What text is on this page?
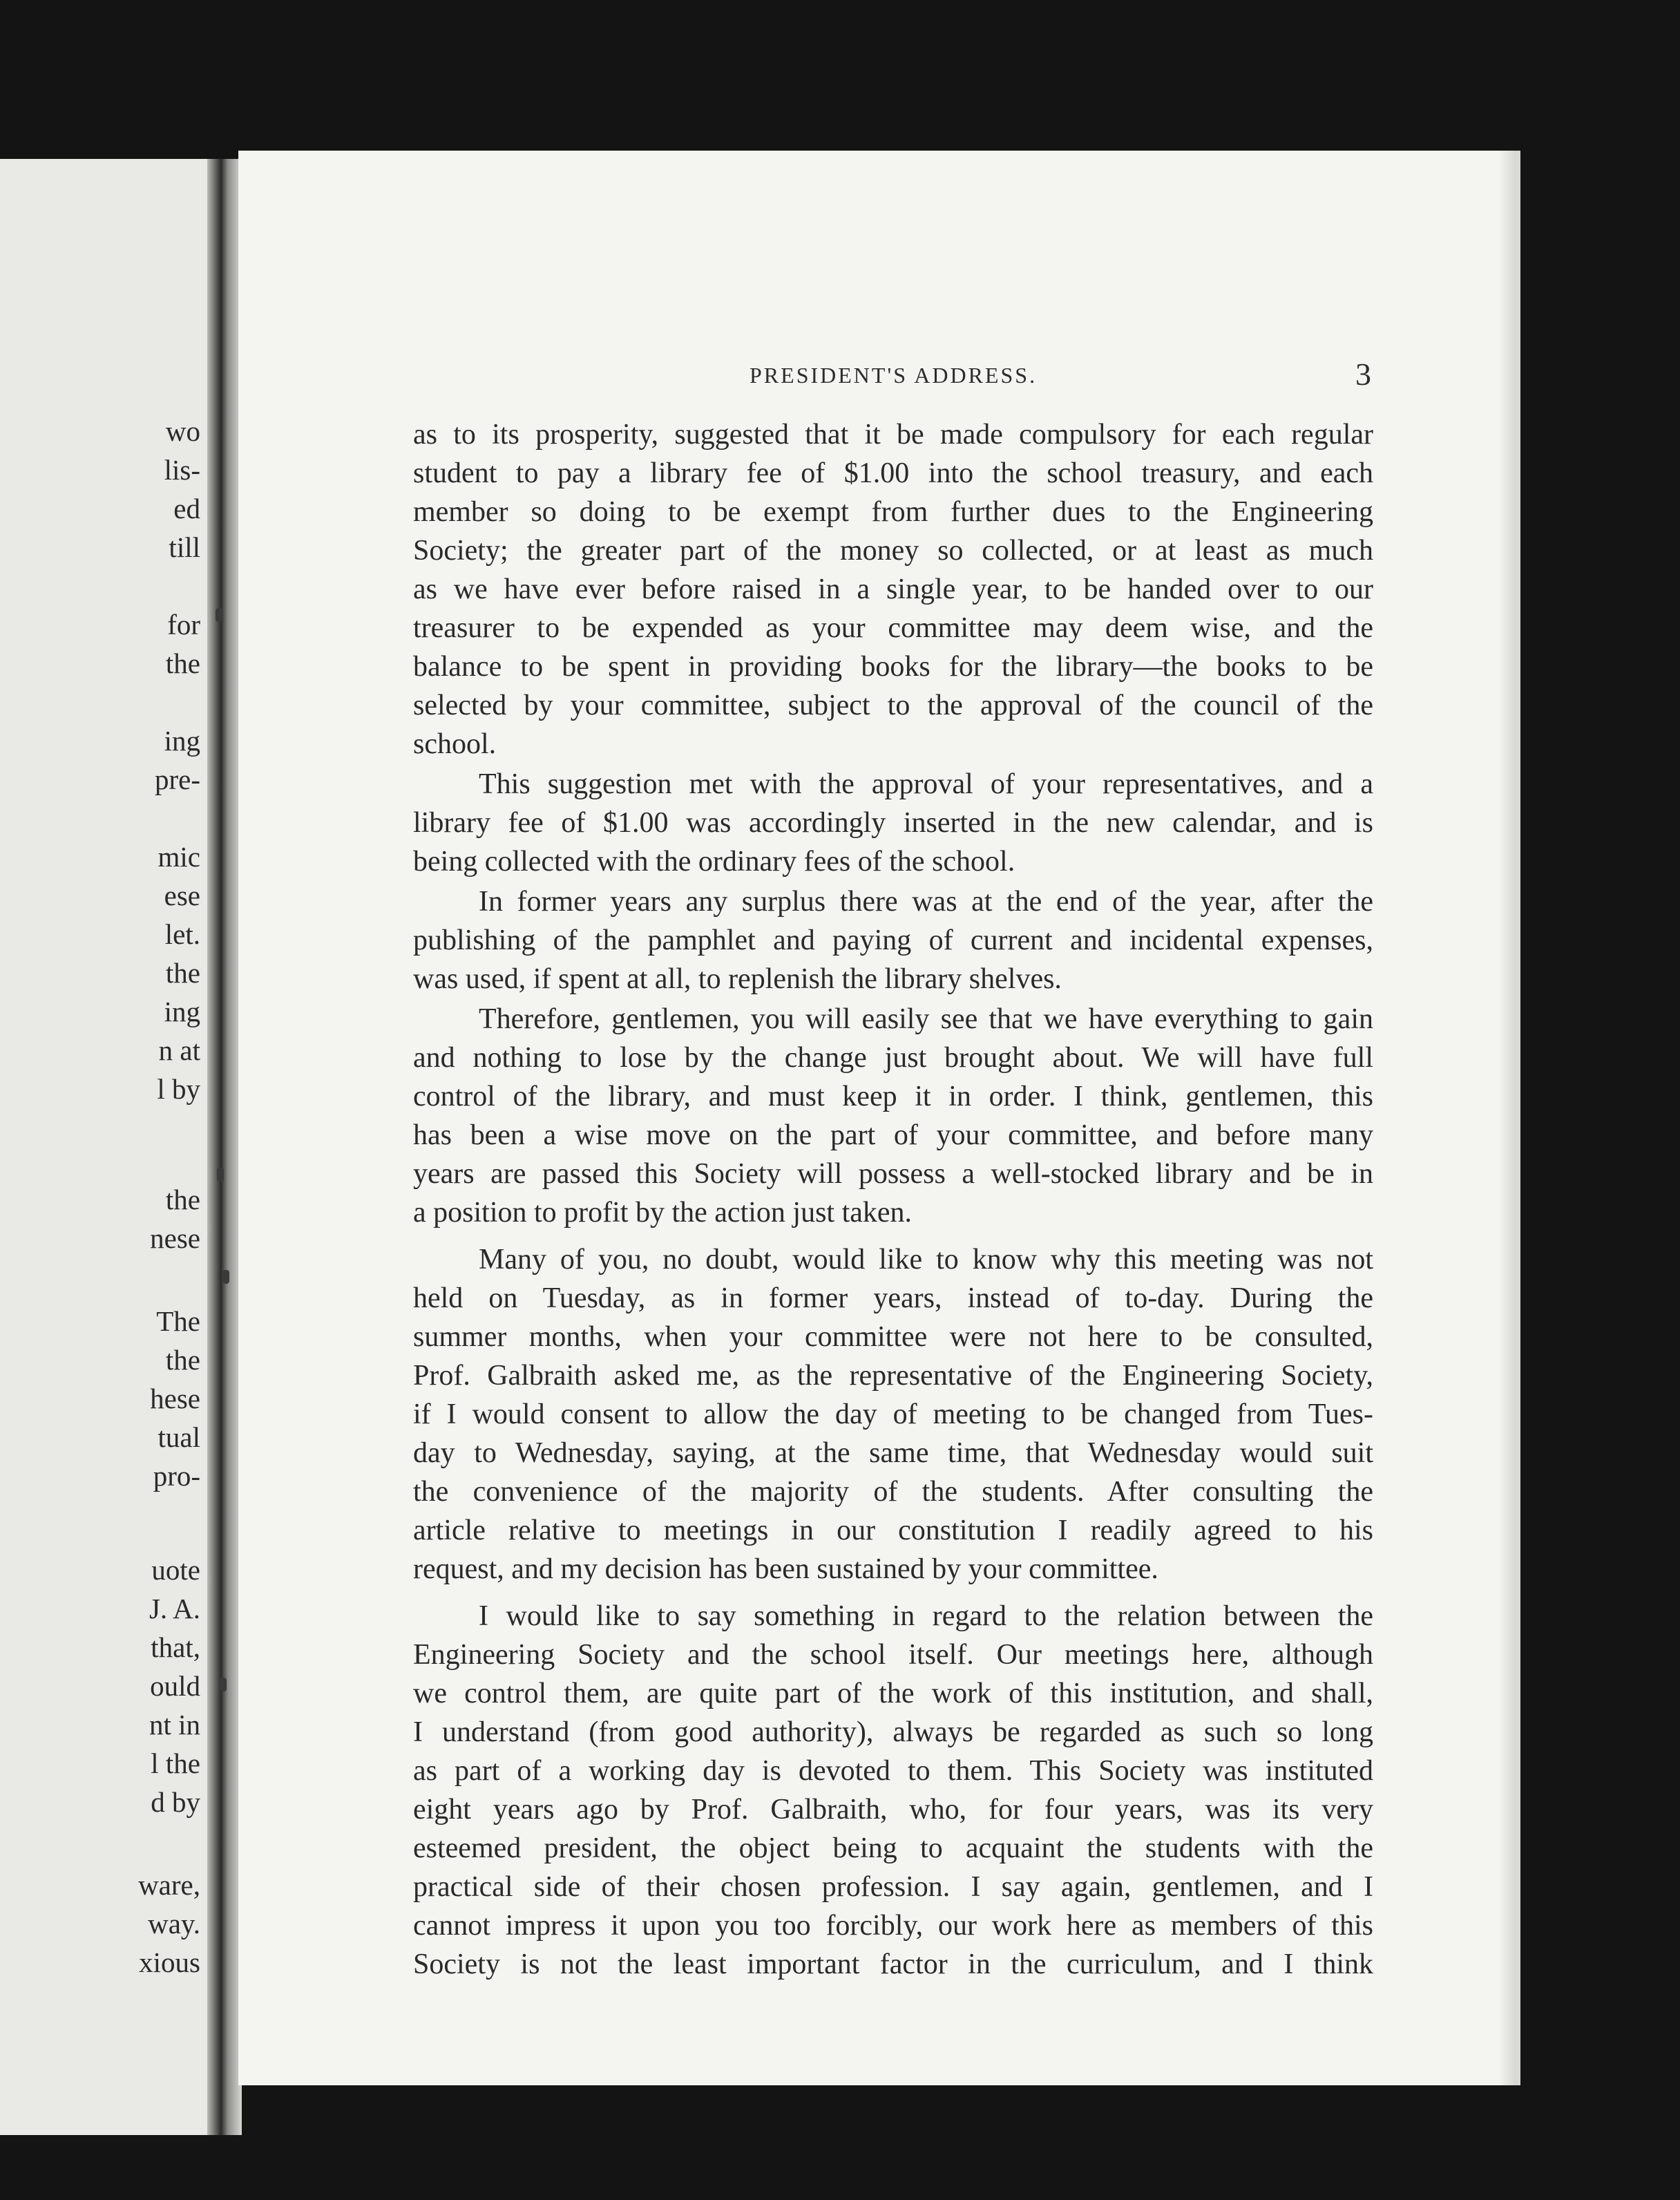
wo
lis-
ed
till
for
the
ing
pre-
mic
ese
let.
the
ing
n at
l by
the
nese
The
the
hese
tual
pro-
uote
J. A.
that,
ould
nt in
l the
d by
ware,
way.
xious
PRESIDENT'S ADDRESS.	3

as to its prosperity, suggested that it be made compulsory for each regular
student to pay a library fee of $1.00 into the school treasury, and each
member so doing to be exempt from further dues to the Engineering
Society; the greater part of the money so collected, or at least as much
as we have ever before raised in a single year, to be handed over to our
treasurer to be expended as your committee may deem wise, and the
balance to be spent in providing books for the library—the books to be
selected by your committee, subject to the approval of the council of the
school.

This suggestion met with the approval of your representatives, and a
library fee of $1.00 was accordingly inserted in the new calendar, and is
being collected with the ordinary fees of the school.

In former years any surplus there was at the end of the year, after the
publishing of the pamphlet and paying of current and incidental expenses,
was used, if spent at all, to replenish the library shelves.

Therefore, gentlemen, you will easily see that we have everything to gain
and nothing to lose by the change just brought about. We will have full
control of the library, and must keep it in order. I think, gentlemen, this
has been a wise move on the part of your committee, and before many
years are passed this Society will possess a well-stocked library and be in
a position to profit by the action just taken.

Many of you, no doubt, would like to know why this meeting was not
held on Tuesday, as in former years, instead of to-day. During the
summer months, when your committee were not here to be consulted,
Prof. Galbraith asked me, as the representative of the Engineering Society,
if I would consent to allow the day of meeting to be changed from Tues-
day to Wednesday, saying, at the same time, that Wednesday would suit
the convenience of the majority of the students. After consulting the
article relative to meetings in our constitution I readily agreed to his
request, and my decision has been sustained by your committee.

I would like to say something in regard to the relation between the
Engineering Society and the school itself. Our meetings here, although
we control them, are quite part of the work of this institution, and shall,
I understand (from good authority), always be regarded as such so long
as part of a working day is devoted to them. This Society was instituted
eight years ago by Prof. Galbraith, who, for four years, was its very
esteemed president, the object being to acquaint the students with the
practical side of their chosen profession. I say again, gentlemen, and I
cannot impress it upon you too forcibly, our work here as members of this
Society is not the least important factor in the curriculum, and I think
